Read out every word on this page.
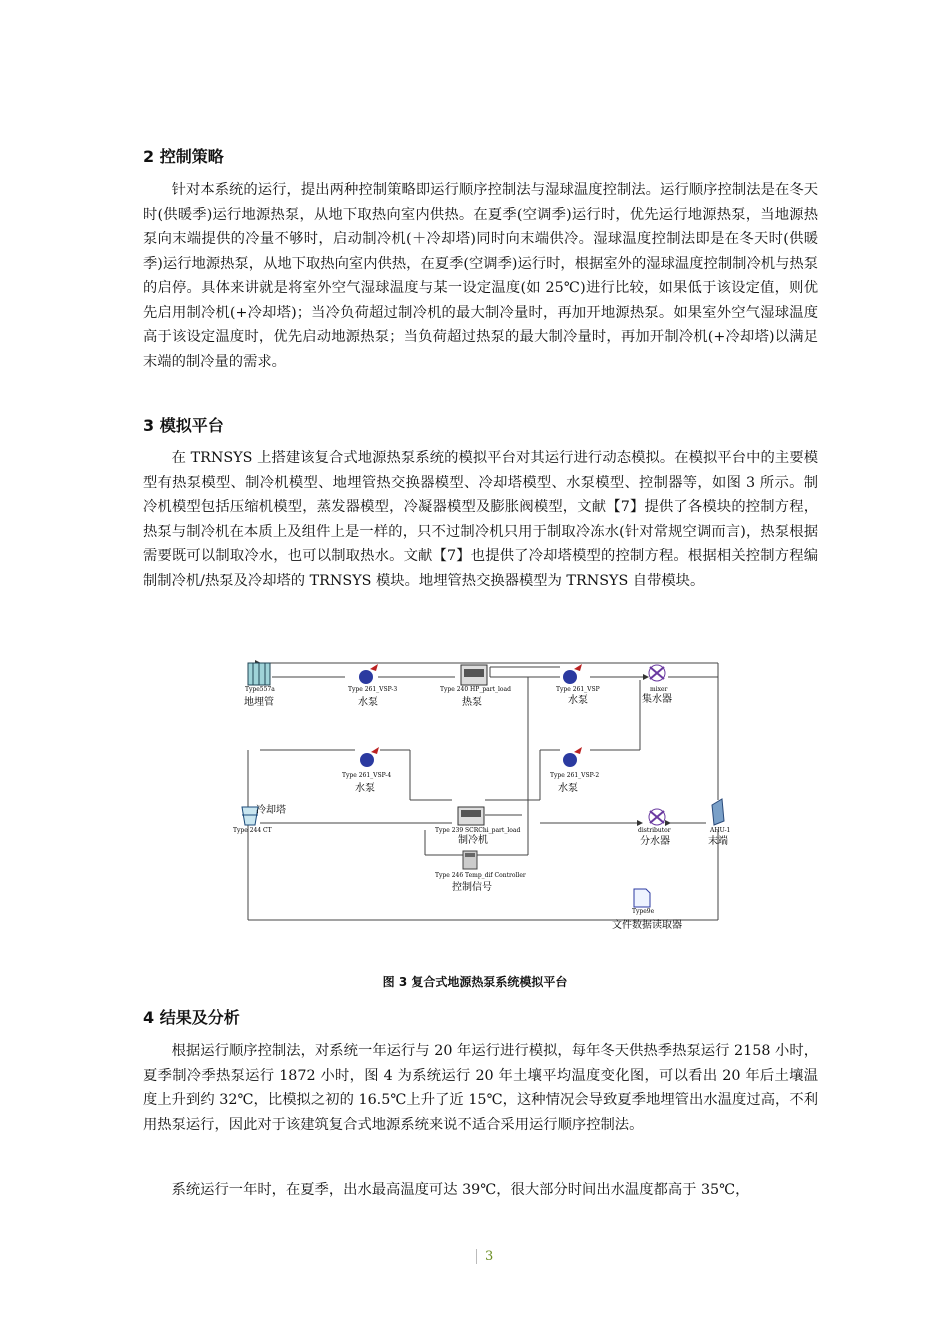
2 控制策略

针对本系统的运行，提出两种控制策略即运行顺序控制法与湿球温度控制法。运行顺序控制法是在冬天时(供暖季)运行地源热泵，从地下取热向室内供热。在夏季(空调季)运行时，优先运行地源热泵，当地源热泵向末端提供的冷量不够时，启动制冷机(＋冷却塔)同时向末端供冷。湿球温度控制法即是在冬天时(供暖季)运行地源热泵，从地下取热向室内供热，在夏季(空调季)运行时，根据室外的湿球温度控制制冷机与热泵的启停。具体来讲就是将室外空气湿球温度与某一设定温度(如 25℃)进行比较，如果低于该设定值，则优先启用制冷机(+冷却塔)；当冷负荷超过制冷机的最大制冷量时，再加开地源热泵。如果室外空气湿球温度高于该设定温度时，优先启动地源热泵；当负荷超过热泵的最大制冷量时，再加开制冷机(+冷却塔)以满足末端的制冷量的需求。

3 模拟平台

在 TRNSYS 上搭建该复合式地源热泵系统的模拟平台对其运行进行动态模拟。在模拟平台中的主要模型有热泵模型、制冷机模型、地埋管热交换器模型、冷却塔模型、水泵模型、控制器等，如图 3 所示。制冷机模型包括压缩机模型，蒸发器模型，冷凝器模型及膨胀阀模型，文献【7】提供了各模块的控制方程，热泵与制冷机在本质上及组件上是一样的，只不过制冷机只用于制取冷冻水(针对常规空调而言)，热泵根据需要既可以制取冷水，也可以制取热水。文献【7】也提供了冷却塔模型的控制方程。根据相关控制方程编制制冷机/热泵及冷却塔的 TRNSYS 模块。地埋管热交换器模型为 TRNSYS 自带模块。

Type557a
地埋管
Type 261_VSP-3
水泵
Type 240 HP_part_load
热泵
Type 261_VSP
水泵
mixer
集水器
Type 261_VSP-4
水泵
Type 261_VSP-2
水泵
冷却塔
Type 244 CT	Type 239 SCRChi_part_load
制冷机
distributor
分水器
AHU-1
末端
Type 246 Temp_dif Controller
控制信号
Type9e
文件数据读取器
图 3 复合式地源热泵系统模拟平台
4 结果及分析

根据运行顺序控制法，对系统一年运行与 20 年运行进行模拟，每年冬天供热季热泵运行 2158 小时，夏季制冷季热泵运行 1872 小时，图 4 为系统运行 20 年土壤平均温度变化图，可以看出 20 年后土壤温度上升到约 32℃，比模拟之初的 16.5℃上升了近 15℃，这种情况会导致夏季地埋管出水温度过高，不利用热泵运行，因此对于该建筑复合式地源系统来说不适合采用运行顺序控制法。

系统运行一年时，在夏季，出水最高温度可达 39℃，很大部分时间出水温度都高于 35℃，

3
